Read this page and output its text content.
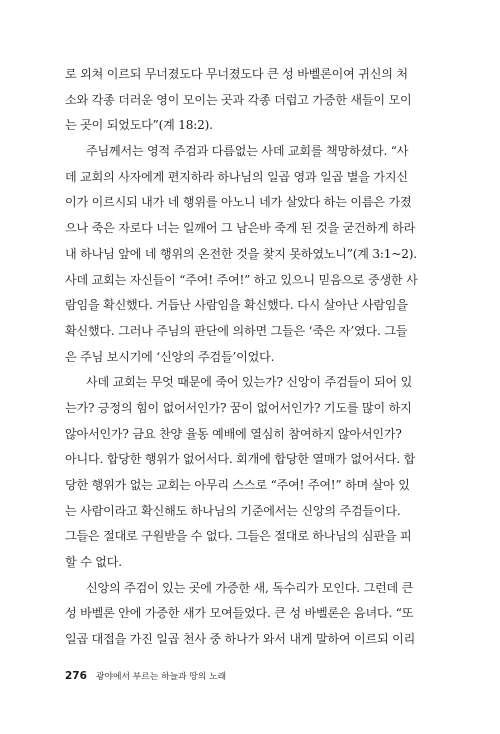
로 외쳐 이르되 무너졌도다 무너졌도다 큰 성 바벨론이여 귀신의 처
소와 각종 더러운 영이 모이는 곳과 각종 더럽고 가증한 새들이 모이
는 곳이 되었도다”(계 18:2).
주님께서는 영적 주검과 다름없는 사데 교회를 책망하셨다. “사
데 교회의 사자에게 편지하라 하나님의 일곱 영과 일곱 별을 가지신
이가 이르시되 내가 네 행위를 아노니 네가 살았다 하는 이름은 가졌
으나 죽은 자로다 너는 일깨어 그 남은바 죽게 된 것을 굳건하게 하라
내 하나님 앞에 네 행위의 온전한 것을 찾지 못하였노니”(계 3:1~2).
사데 교회는 자신들이 “주여! 주여!” 하고 있으니 믿음으로 중생한 사
람임을 확신했다. 거듭난 사람임을 확신했다. 다시 살아난 사람임을
확신했다. 그러나 주님의 판단에 의하면 그들은 ‘죽은 자’였다. 그들
은 주님 보시기에 ‘신앙의 주검들’이었다.
사데 교회는 무엇 때문에 죽어 있는가? 신앙이 주검들이 되어 있
는가? 긍정의 힘이 없어서인가? 꿈이 없어서인가? 기도를 많이 하지
않아서인가? 금요 찬양 율동 예배에 열심히 참여하지 않아서인가?
아니다. 합당한 행위가 없어서다. 회개에 합당한 열매가 없어서다. 합
당한 행위가 없는 교회는 아무리 스스로 “주여! 주여!” 하며 살아 있
는 사람이라고 확신해도 하나님의 기준에서는 신앙의 주검들이다.
그들은 절대로 구원받을 수 없다. 그들은 절대로 하나님의 심판을 피
할 수 없다.
신앙의 주검이 있는 곳에 가증한 새, 독수리가 모인다. 그런데 큰
성 바벨론 안에 가증한 새가 모여들었다. 큰 성 바벨론은 음녀다. “또
일곱 대접을 가진 일곱 천사 중 하나가 와서 내게 말하여 이르되 이리
276 광야에서 부르는 하늘과 땅의 노래
